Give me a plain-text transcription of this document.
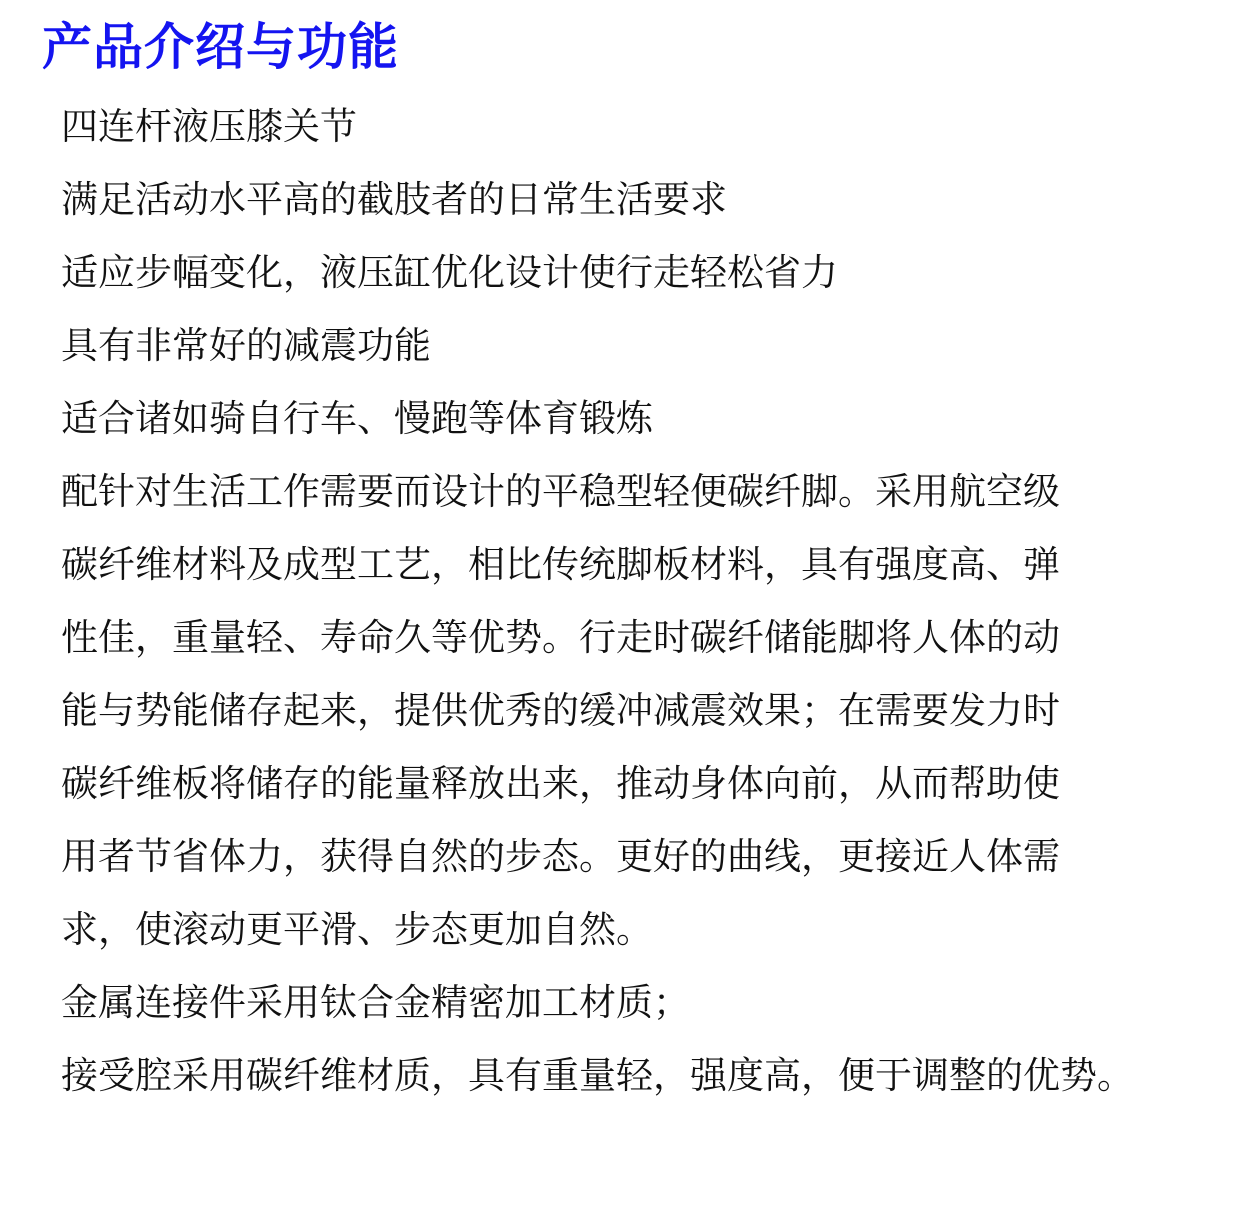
产品介绍与功能
四连杆液压膝关节
满足活动水平高的截肢者的日常生活要求
适应步幅变化，液压缸优化设计使行走轻松省力
具有非常好的减震功能
适合诸如骑自行车、慢跑等体育锻炼
配针对生活工作需要而设计的平稳型轻便碳纤脚。采用航空级
碳纤维材料及成型工艺，相比传统脚板材料，具有强度高、弹
性佳，重量轻、寿命久等优势。行走时碳纤储能脚将人体的动
能与势能储存起来，提供优秀的缓冲减震效果；在需要发力时
碳纤维板将储存的能量释放出来，推动身体向前，从而帮助使
用者节省体力，获得自然的步态。更好的曲线，更接近人体需
求，使滚动更平滑、步态更加自然。
金属连接件采用钛合金精密加工材质；
接受腔采用碳纤维材质，具有重量轻，强度高，便于调整的优势。
